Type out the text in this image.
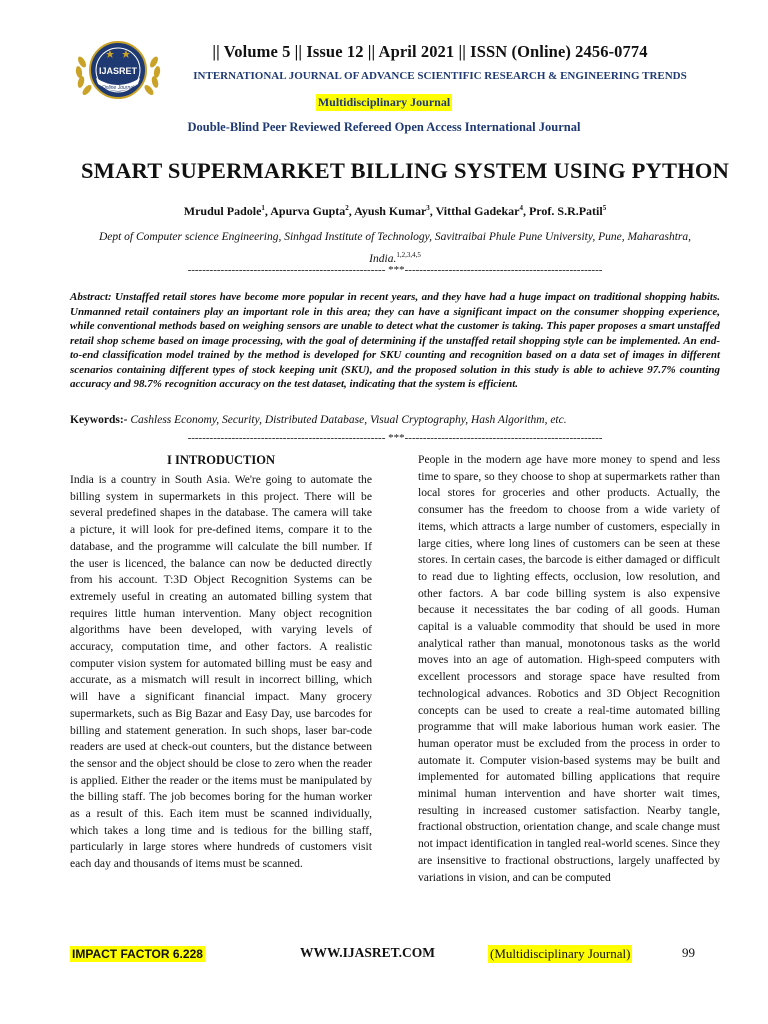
IJASRET
Online Journal
|| Volume 5 || Issue 12 || April 2021 || ISSN (Online) 2456-0774
INTERNATIONAL JOURNAL OF ADVANCE SCIENTIFIC RESEARCH & ENGINEERING TRENDS
Multidisciplinary Journal
Double-Blind Peer Reviewed Refereed Open Access International Journal
SMART SUPERMARKET BILLING SYSTEM USING PYTHON
Mrudul Padole$^1$, Apurva Gupta$^2$, Ayush Kumar$^3$, Vitthal Gadekar$^4$, Prof. S.R.Patil$^5$
Dept of Computer science Engineering, Sinhgad Institute of Technology, Savitraibai Phule Pune University, Pune, Maharashtra, India.$^{1,2,3,4,5}$
------------------------------------------------------ ***------------------------------------------------------
Abstract: Unstaffed retail stores have become more popular in recent years, and they have had a huge impact on traditional shopping habits. Unmanned retail containers play an important role in this area; they can have a significant impact on the consumer shopping experience, while conventional methods based on weighing sensors are unable to detect what the customer is taking. This paper proposes a smart unstaffed retail shop scheme based on image processing, with the goal of determining if the unstaffed retail shopping style can be implemented. An end-to-end classification model trained by the method is developed for SKU counting and recognition based on a data set of images in different scenarios containing different types of stock keeping unit (SKU), and the proposed solution in this study is able to achieve 97.7% counting accuracy and 98.7% recognition accuracy on the test dataset, indicating that the system is efficient.
Keywords:- Cashless Economy, Security, Distributed Database, Visual Cryptography, Hash Algorithm, etc.
------------------------------------------------------ ***------------------------------------------------------
I INTRODUCTION

India is a country in South Asia. We're going to automate the billing system in supermarkets in this project. There will be several predefined shapes in the database. The camera will take a picture, it will look for pre-defined items, compare it to the database, and the programme will calculate the bill number. If the user is licenced, the balance can now be deducted directly from his account. T:3D Object Recognition Systems can be extremely useful in creating an automated billing system that requires little human intervention. Many object recognition algorithms have been developed, with varying levels of accuracy, computation time, and other factors. A realistic computer vision system for automated billing must be easy and accurate, as a mismatch will result in incorrect billing, which will have a significant financial impact. Many grocery supermarkets, such as Big Bazar and Easy Day, use barcodes for billing and statement generation. In such shops, laser bar-code readers are used at check-out counters, but the distance between the sensor and the object should be close to zero when the reader is applied. Either the reader or the items must be manipulated by the billing staff. The job becomes boring for the human worker as a result of this. Each item must be scanned individually, which takes a long time and is tedious for the billing staff, particularly in large stores where hundreds of customers visit each day and thousands of items must be scanned.

People in the modern age have more money to spend and less time to spare, so they choose to shop at supermarkets rather than local stores for groceries and other products. Actually, the consumer has the freedom to choose from a wide variety of items, which attracts a large number of customers, especially in large cities, where long lines of customers can be seen at these stores. In certain cases, the barcode is either damaged or difficult to read due to lighting effects, occlusion, low resolution, and other factors. A bar code billing system is also expensive because it necessitates the bar coding of all goods. Human capital is a valuable commodity that should be used in more analytical rather than manual, monotonous tasks as the world moves into an age of automation. High-speed computers with excellent processors and storage space have resulted from technological advances. Robotics and 3D Object Recognition concepts can be used to create a real-time automated billing programme that will make laborious human work easier. The human operator must be excluded from the process in order to automate it. Computer vision-based systems may be built and implemented for automated billing applications that require minimal human intervention and have shorter wait times, resulting in increased customer satisfaction. Nearby tangle, fractional obstruction, orientation change, and scale change must not impact identification in tangled real-world scenes. Since they are insensitive to fractional obstructions, largely unaffected by variations in vision, and can be computed

IMPACT FACTOR 6.228	WWW.IJASRET.COM	(Multidisciplinary Journal)	99
